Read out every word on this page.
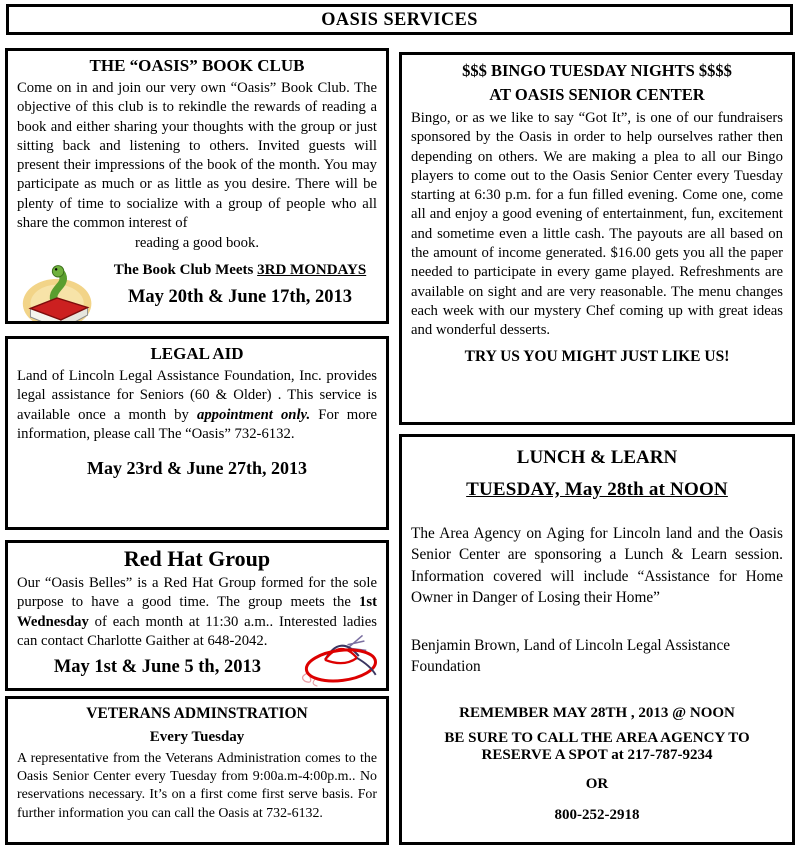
OASIS SERVICES
THE “OASIS” BOOK CLUB

Come on in and join our very own “Oasis” Book Club. The objective of this club is to rekindle the rewards of reading a book and either sharing your thoughts with the group or just sitting back and listening to others. Invited guests will present their impressions of the book of the month. You may participate as much or as little as you desire. There will be plenty of time to socialize with a group of people who all share the common interest of

reading a good book.

The Book Club Meets 3RD MONDAYS
May 20th & June 17th, 2013
LEGAL AID

Land of Lincoln Legal Assistance Foundation, Inc. provides legal assistance for Seniors (60 & Older) . This service is available once a month by appointment only. For more information, please call The “Oasis” 732-6132.

May 23rd & June 27th, 2013
Red Hat Group

Our “Oasis Belles” is a Red Hat Group formed for the sole purpose to have a good time. The group meets the 1st Wednesday of each month at 11:30 a.m.. Interested ladies can contact Charlotte Gaither at 648-2042.

May 1st & June 5 th, 2013
VETERANS ADMINSTRATION
Every Tuesday

A representative from the Veterans Administration comes to the Oasis Senior Center every Tuesday from 9:00a.m-4:00p.m.. No reservations necessary. It’s on a first come first serve basis. For further information you can call the Oasis at 732-6132.

$$$ BINGO TUESDAY NIGHTS $$$$
AT OASIS SENIOR CENTER

Bingo, or as we like to say “Got It”, is one of our fundraisers sponsored by the Oasis in order to help ourselves rather then depending on others. We are making a plea to all our Bingo players to come out to the Oasis Senior Center every Tuesday starting at 6:30 p.m. for a fun filled evening. Come one, come all and enjoy a good evening of entertainment, fun, excitement and sometime even a little cash. The payouts are all based on the amount of income generated. $16.00 gets you all the paper needed to participate in every game played. Refreshments are available on sight and are very reasonable. The menu changes each week with our mystery Chef coming up with great ideas and wonderful desserts.

TRY US YOU MIGHT JUST LIKE US!
LUNCH & LEARN
TUESDAY, May 28th at NOON

The Area Agency on Aging for Lincoln land and the Oasis Senior Center are sponsoring a Lunch & Learn session. Information covered will include “Assistance for Home Owner in Danger of Losing their Home”

Benjamin Brown, Land of Lincoln Legal Assistance Foundation

REMEMBER MAY 28TH , 2013 @ NOON
BE SURE TO CALL THE AREA AGENCY TO RESERVE A SPOT at 217-787-9234
OR
800-252-2918
